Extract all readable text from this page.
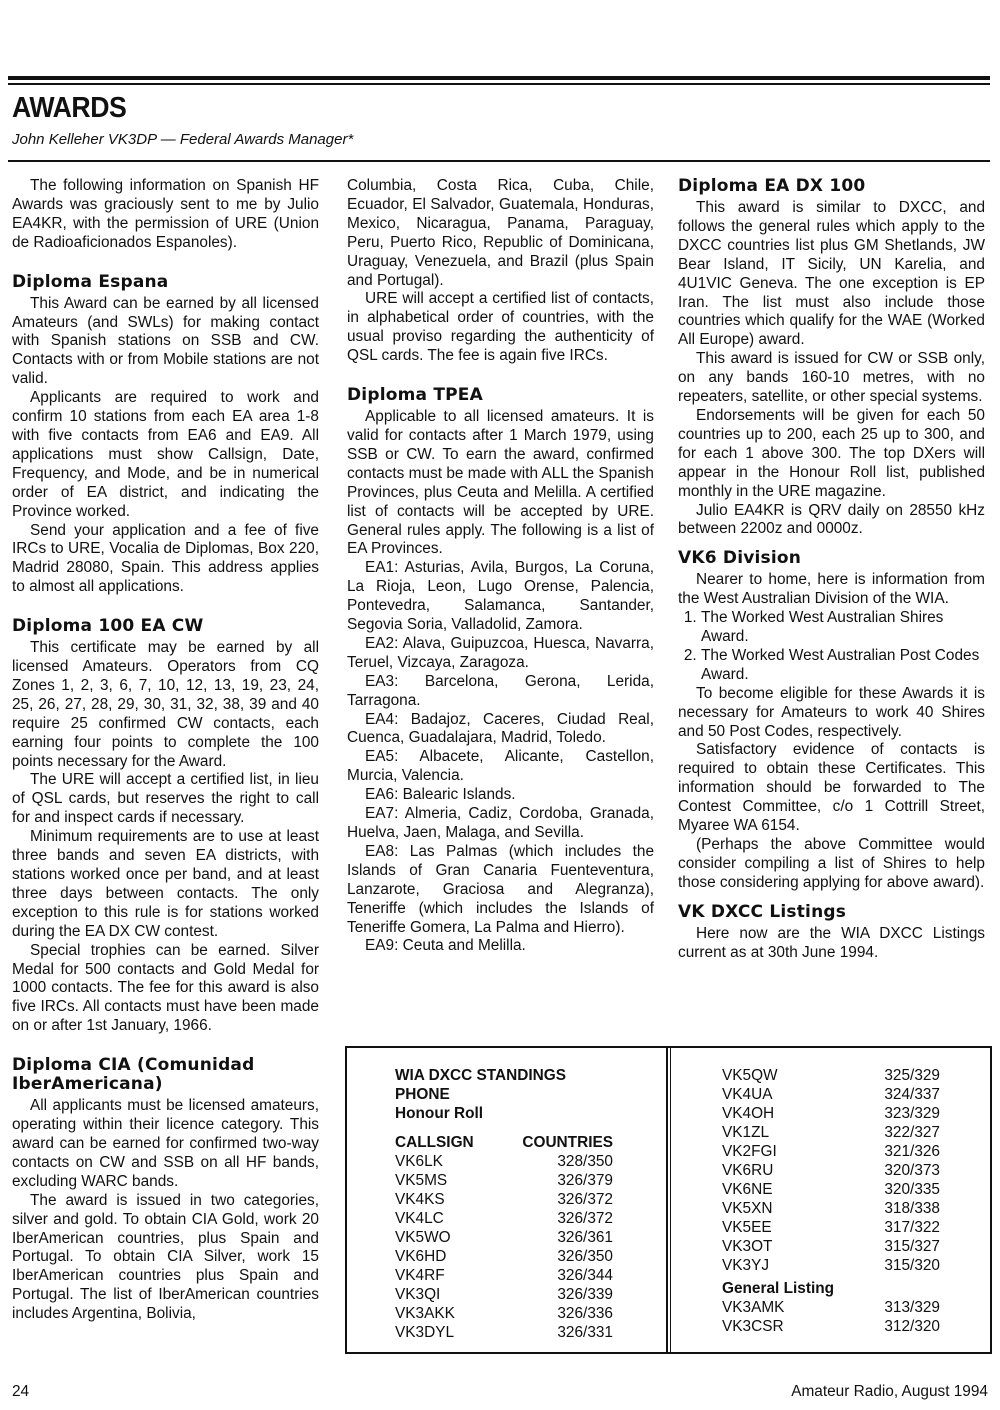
AWARDS

John Kelleher VK3DP — Federal Awards Manager*

The following information on Spanish HF Awards was graciously sent to me by Julio EA4KR, with the permission of URE (Union de Radioaficionados Espanoles).

Diploma Espana

This Award can be earned by all licensed Amateurs (and SWLs) for making contact with Spanish stations on SSB and CW. Contacts with or from Mobile stations are not valid.

Applicants are required to work and confirm 10 stations from each EA area 1-8 with five contacts from EA6 and EA9. All applications must show Callsign, Date, Frequency, and Mode, and be in numerical order of EA district, and indicating the Province worked.

Send your application and a fee of five IRCs to URE, Vocalia de Diplomas, Box 220, Madrid 28080, Spain. This address applies to almost all applications.

Diploma 100 EA CW

This certificate may be earned by all licensed Amateurs. Operators from CQ Zones 1, 2, 3, 6, 7, 10, 12, 13, 19, 23, 24, 25, 26, 27, 28, 29, 30, 31, 32, 38, 39 and 40 require 25 confirmed CW contacts, each earning four points to complete the 100 points necessary for the Award.

The URE will accept a certified list, in lieu of QSL cards, but reserves the right to call for and inspect cards if necessary.

Minimum requirements are to use at least three bands and seven EA districts, with stations worked once per band, and at least three days between contacts. The only exception to this rule is for stations worked during the EA DX CW contest.

Special trophies can be earned. Silver Medal for 500 contacts and Gold Medal for 1000 contacts. The fee for this award is also five IRCs. All contacts must have been made on or after 1st January, 1966.

Diploma CIA (Comunidad IberAmericana)

All applicants must be licensed amateurs, operating within their licence category. This award can be earned for confirmed two-way contacts on CW and SSB on all HF bands, excluding WARC bands.

The award is issued in two categories, silver and gold. To obtain CIA Gold, work 20 IberAmerican countries, plus Spain and Portugal. To obtain CIA Silver, work 15 IberAmerican countries plus Spain and Portugal. The list of IberAmerican countries includes Argentina, Bolivia,

Columbia, Costa Rica, Cuba, Chile, Ecuador, El Salvador, Guatemala, Honduras, Mexico, Nicaragua, Panama, Paraguay, Peru, Puerto Rico, Republic of Dominicana, Uraguay, Venezuela, and Brazil (plus Spain and Portugal).

URE will accept a certified list of contacts, in alphabetical order of countries, with the usual proviso regarding the authenticity of QSL cards. The fee is again five IRCs.

Diploma TPEA

Applicable to all licensed amateurs. It is valid for contacts after 1 March 1979, using SSB or CW. To earn the award, confirmed contacts must be made with ALL the Spanish Provinces, plus Ceuta and Melilla. A certified list of contacts will be accepted by URE. General rules apply. The following is a list of EA Provinces.

EA1: Asturias, Avila, Burgos, La Coruna, La Rioja, Leon, Lugo Orense, Palencia, Pontevedra, Salamanca, Santander, Segovia Soria, Valladolid, Zamora.

EA2: Alava, Guipuzcoa, Huesca, Navarra, Teruel, Vizcaya, Zaragoza.

EA3: Barcelona, Gerona, Lerida, Tarragona.

EA4: Badajoz, Caceres, Ciudad Real, Cuenca, Guadalajara, Madrid, Toledo.

EA5: Albacete, Alicante, Castellon, Murcia, Valencia.

EA6: Balearic Islands.

EA7: Almeria, Cadiz, Cordoba, Granada, Huelva, Jaen, Malaga, and Sevilla.

EA8: Las Palmas (which includes the Islands of Gran Canaria Fuenteventura, Lanzarote, Graciosa and Alegranza), Teneriffe (which includes the Islands of Teneriffe Gomera, La Palma and Hierro).

EA9: Ceuta and Melilla.

Diploma EA DX 100

This award is similar to DXCC, and follows the general rules which apply to the DXCC countries list plus GM Shetlands, JW Bear Island, IT Sicily, UN Karelia, and 4U1VIC Geneva. The one exception is EP Iran. The list must also include those countries which qualify for the WAE (Worked All Europe) award.

This award is issued for CW or SSB only, on any bands 160-10 metres, with no repeaters, satellite, or other special systems.

Endorsements will be given for each 50 countries up to 200, each 25 up to 300, and for each 1 above 300. The top DXers will appear in the Honour Roll list, published monthly in the URE magazine.

Julio EA4KR is QRV daily on 28550 kHz between 2200z and 0000z.

VK6 Division

Nearer to home, here is information from the West Australian Division of the WIA.

1. The Worked West Australian Shires Award.
2. The Worked West Australian Post Codes Award.

To become eligible for these Awards it is necessary for Amateurs to work 40 Shires and 50 Post Codes, respectively.

Satisfactory evidence of contacts is required to obtain these Certificates. This information should be forwarded to The Contest Committee, c/o 1 Cottrill Street, Myaree WA 6154.

(Perhaps the above Committee would consider compiling a list of Shires to help those considering applying for above award).

VK DXCC Listings

Here now are the WIA DXCC Listings current as at 30th June 1994.

WIA DXCC STANDINGS
PHONE
Honour Roll
CALLSIGN	COUNTRIES
VK6LK	328/350
VK5MS	326/379
VK4KS	326/372
VK4LC	326/372
VK5WO	326/361
VK6HD	326/350
VK4RF	326/344
VK3QI	326/339
VK3AKK	326/336
VK3DYL	326/331
VK5QW	325/329
VK4UA	324/337
VK4OH	323/329
VK1ZL	322/327
VK2FGI	321/326
VK6RU	320/373
VK6NE	320/335
VK5XN	318/338
VK5EE	317/322
VK3OT	315/327
VK3YJ	315/320
General Listing
VK3AMK	313/329
VK3CSR	312/320
24	Amateur Radio, August 1994
